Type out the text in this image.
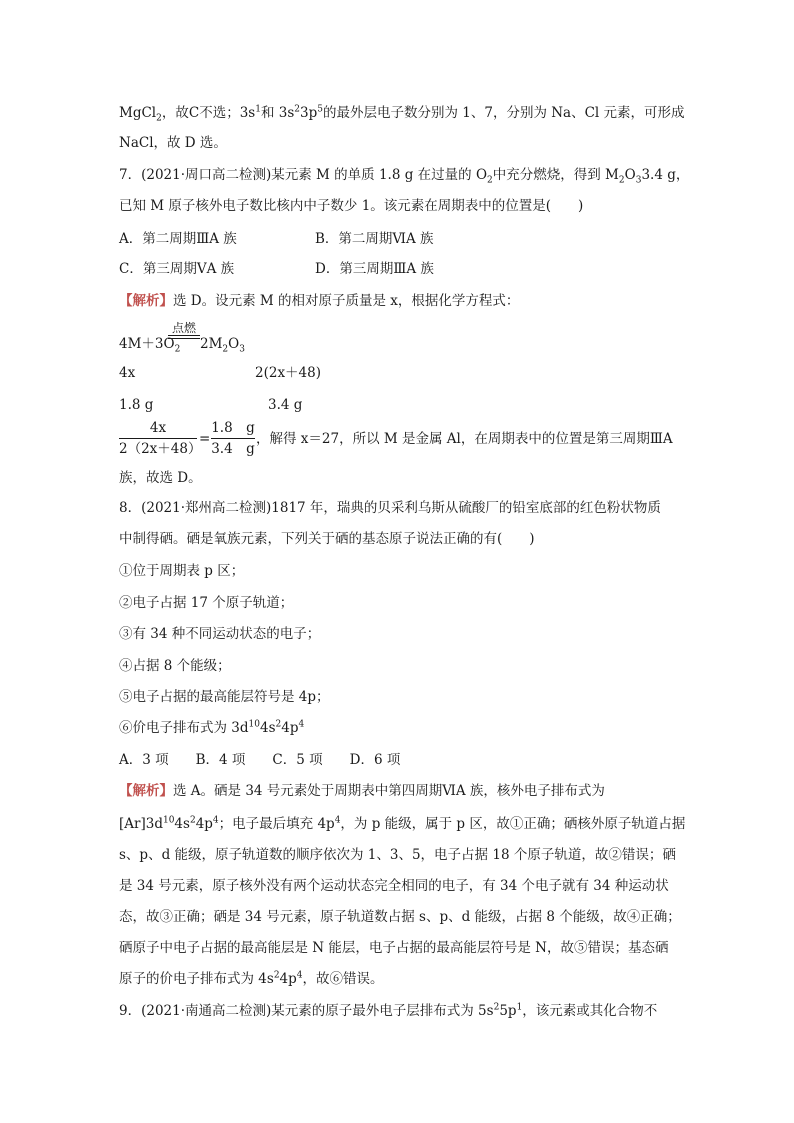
MgCl$_2$，故C不选；$3s^1$和 $3s^23p^5$的最外层电子数分别为 1、7，分别为 Na、Cl 元素，可形成
NaCl，故 D 选。
7．(2021·周口高二检测)某元素 M 的单质 1.8 g 在过量的 $O_2$中充分燃烧，得到 $M_2O_33.4$ g，
已知 M 原子核外电子数比核内中子数少 1。该元素在周期表中的位置是(　　)
A．第二周期ⅢA 族	B．第二周期ⅥA 族
C．第三周期ⅤA 族	D．第三周期ⅢA 族
【解析】选 D。设元素 M 的相对原子质量是 x，根据化学方程式：
$4M+3O_2$
点燃
$2M_2O_3$
4x	2(2x＋48)
1.8 g	3.4 g
4x
2（2x＋48）
=
1.8　g
3.4　g
，解得 x＝27，所以 M 是金属 Al，在周期表中的位置是第三周期ⅢA
族，故选 D。
8．(2021·郑州高二检测)1817 年，瑞典的贝采利乌斯从硫酸厂的铅室底部的红色粉状物质
中制得硒。硒是氧族元素，下列关于硒的基态原子说法正确的有(　　)
①位于周期表 p 区；
②电子占据 17 个原子轨道；
③有 34 种不同运动状态的电子；
④占据 8 个能级；
⑤电子占据的最高能层符号是 4p；
⑥价电子排布式为 $3d^{10}4s^24p^4$
A．3 项　　B．4 项　　C．5 项　　D．6 项
【解析】选 A。硒是 34 号元素处于周期表中第四周期ⅥA 族，核外电子排布式为
$[Ar]3d^{10}4s^24p^4$；电子最后填充 $4p^4$，为 p 能级，属于 p 区，故①正确；硒核外原子轨道占据
s、p、d 能级，原子轨道数的顺序依次为 1、3、5，电子占据 18 个原子轨道，故②错误；硒
是 34 号元素，原子核外没有两个运动状态完全相同的电子，有 34 个电子就有 34 种运动状
态，故③正确；硒是 34 号元素，原子轨道数占据 s、p、d 能级，占据 8 个能级，故④正确；
硒原子中电子占据的最高能层是 N 能层，电子占据的最高能层符号是 N，故⑤错误；基态硒
原子的价电子排布式为 $4s^24p^4$，故⑥错误。
9．(2021·南通高二检测)某元素的原子最外电子层排布式为 $5s^25p^1$，该元素或其化合物不
